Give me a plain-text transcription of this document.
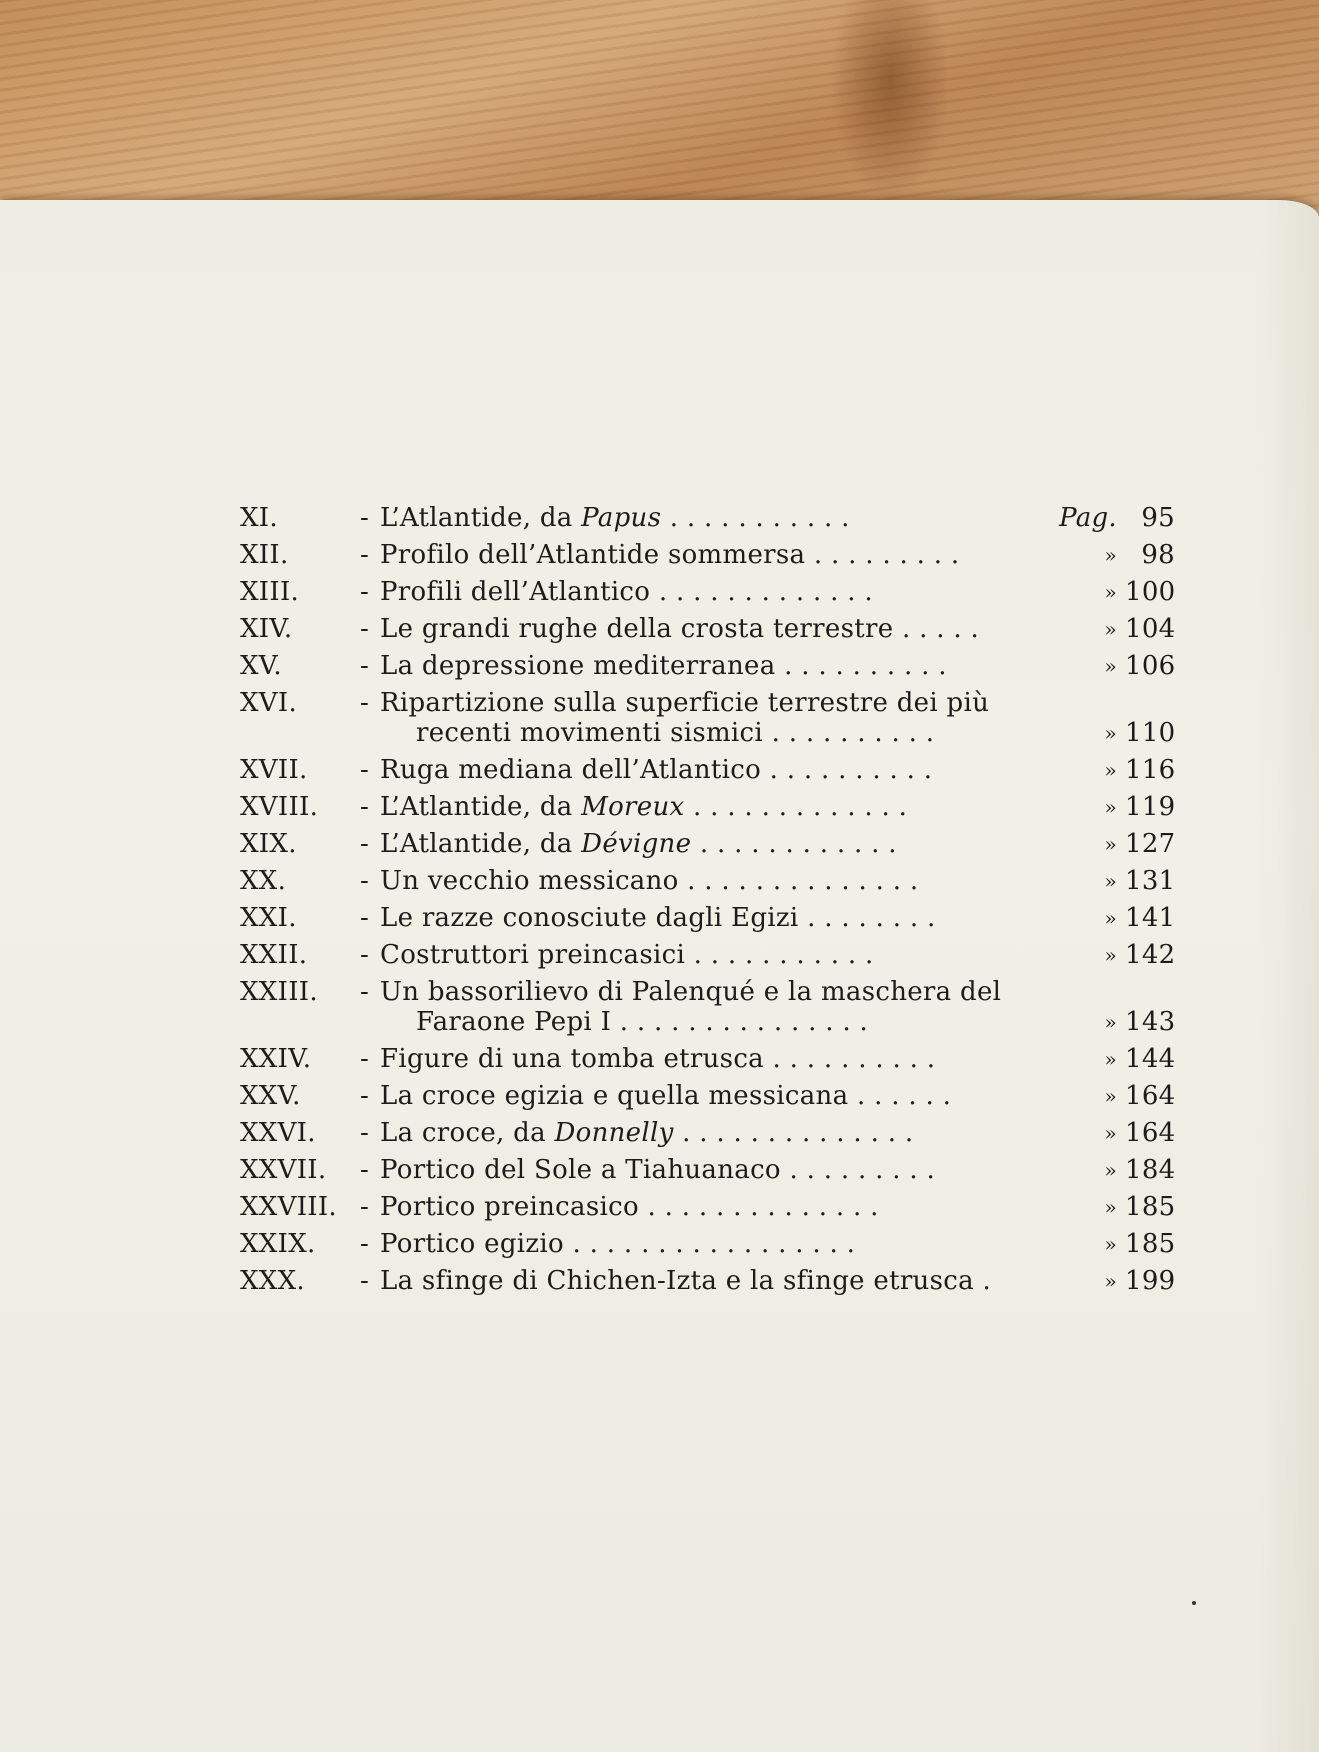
XI.	- L’Atlantide, da Papus . . . . . . . . . . .	Pag. 95
XII.	- Profilo dell’Atlantide sommersa . . . . . . . . .	» 98
XIII. - Profili dell’Atlantico . . . . . . . . . . . . .	» 100
XIV.	- Le grandi rughe della crosta terrestre . . . . .	» 104
XV.	- La depressione mediterranea . . . . . . . . . .	» 106
XVI. - Ripartizione sulla superficie terrestre dei più
recenti movimenti sismici . . . . . . . . . .	» 110
XVII. - Ruga mediana dell’Atlantico . . . . . . . . . .	» 116
XVIII. - L’Atlantide, da Moreux . . . . . . . . . . . . .	» 119
XIX. - L’Atlantide, da Dévigne . . . . . . . . . . . .	» 127
XX.	- Un vecchio messicano . . . . . . . . . . . . . .	» 131
XXI. - Le razze conosciute dagli Egizi . . . . . . . .	» 141
XXII. - Costruttori preincasici . . . . . . . . . . .	» 142
XXIII. - Un bassorilievo di Palenqué e la maschera del
Faraone Pepi I . . . . . . . . . . . . . . .	» 143
XXIV. - Figure di una tomba etrusca . . . . . . . . . .	» 144
XXV. - La croce egizia e quella messicana . . . . . .	» 164
XXVI. - La croce, da Donnelly . . . . . . . . . . . . . .	» 164
XXVII. - Portico del Sole a Tiahuanaco . . . . . . . . .	» 184
XXVIII. - Portico preincasico . . . . . . . . . . . . . .	» 185
XXIX. - Portico egizio . . . . . . . . . . . . . . . . .	» 185
XXX. - La sfinge di Chichen-Izta e la sfinge etrusca .	» 199
